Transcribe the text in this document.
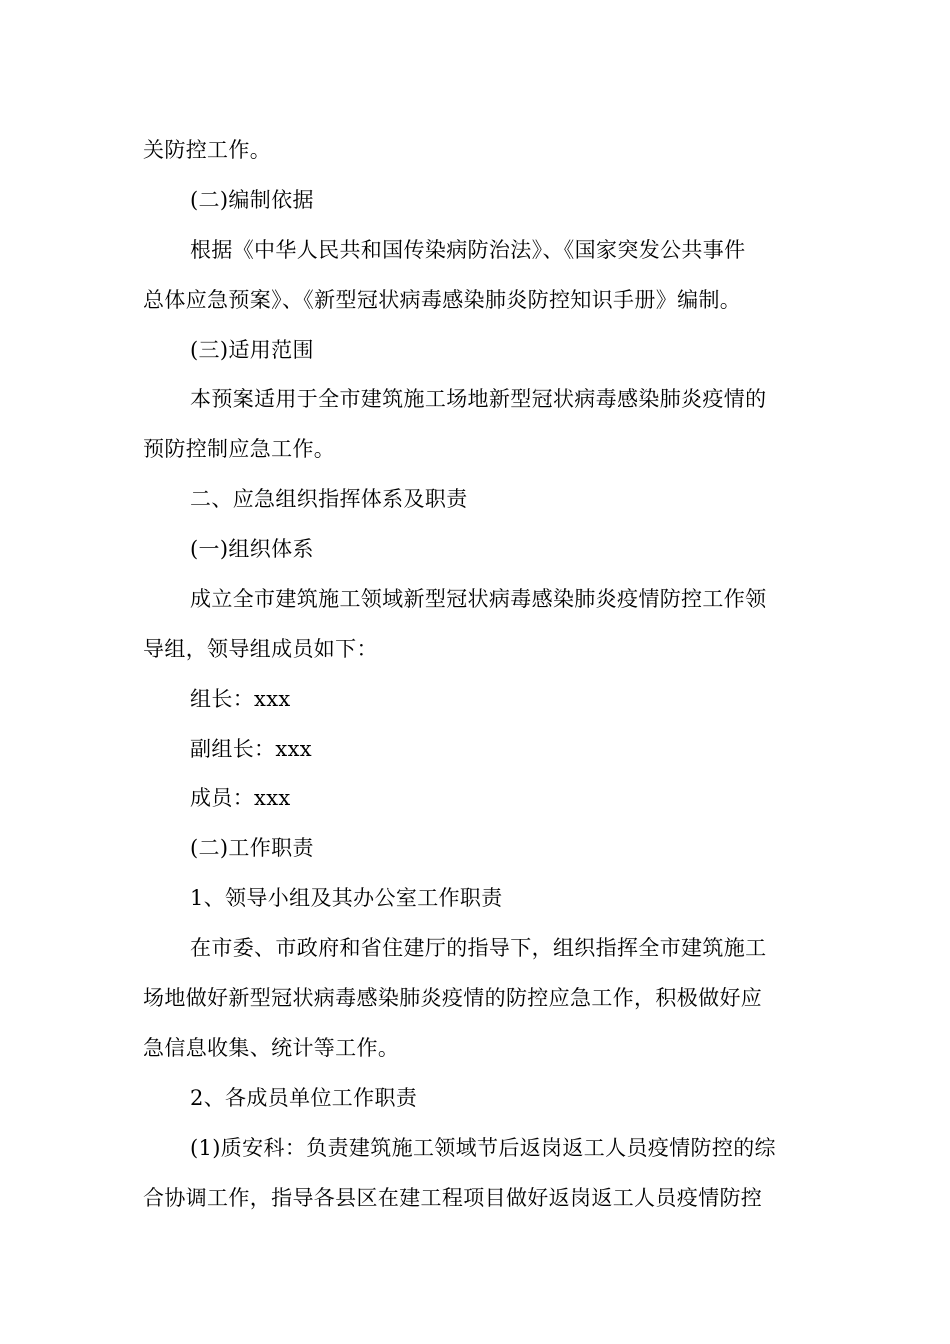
关防控工作。
(二)编制依据
根据《中华人民共和国传染病防治法》、《国家突发公共事件
总体应急预案》、《新型冠状病毒感染肺炎防控知识手册》编制。
(三)适用范围
本预案适用于全市建筑施工场地新型冠状病毒感染肺炎疫情的
预防控制应急工作。
二、应急组织指挥体系及职责
(一)组织体系
成立全市建筑施工领域新型冠状病毒感染肺炎疫情防控工作领
导组，领导组成员如下：
组长：xxx
副组长：xxx
成员：xxx
(二)工作职责
1、领导小组及其办公室工作职责
在市委、市政府和省住建厅的指导下，组织指挥全市建筑施工
场地做好新型冠状病毒感染肺炎疫情的防控应急工作，积极做好应
急信息收集、统计等工作。
2、各成员单位工作职责
(1)质安科：负责建筑施工领域节后返岗返工人员疫情防控的综
合协调工作，指导各县区在建工程项目做好返岗返工人员疫情防控
